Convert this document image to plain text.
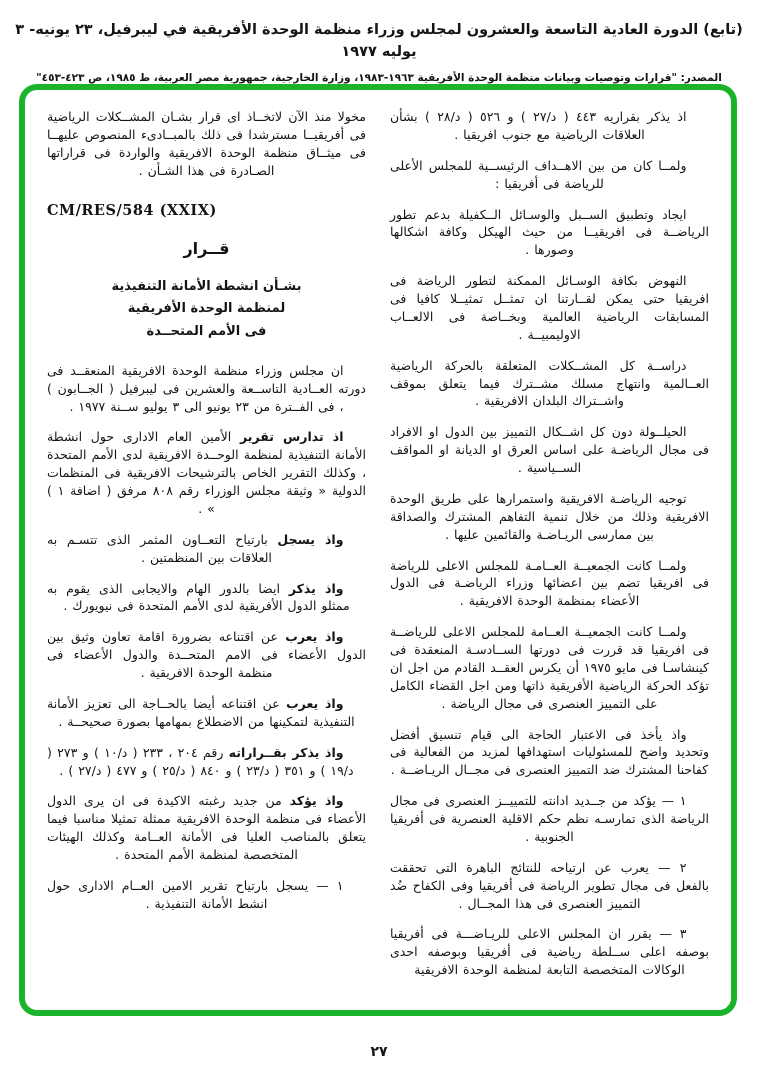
(تابع) الدورة العادية التاسعة والعشرون لمجلس وزراء منظمة الوحدة الأفريقية في ليبرفيل، ٢٣ يونيه- ٣ يوليه ١٩٧٧
المصدر: "قرارات وتوصيات وبيانات منظمة الوحدة الأفريقية ١٩٦٣-١٩٨٣، وزارة الخارجية، جمهورية مصر العربية، ط ١٩٨٥، ص ٤٢٣-٤٥٣"

اذ يذكر بقراريه ٤٤٣ ( د/٢٧ ) و ٥٢٦ ( د/٢٨ ) بشأن العلاقات الرياضية مع جنوب افريقيا .

ولمــا كان من بين الاهــداف الرئيســية للمجلس الأعلى للرياضة فى أفريقيا :

ايجاد وتطبيق الســبل والوسـائل الــكفيلة بدعم تطور الرياضــة فى افريقيــا من حيث الهيكل وكافة اشكالها وصورها .

النهوض بكافة الوسـائل الممكنة لتطور الرياضة فى افريقيا حتى يمكن لقــارتنا ان تمثــل تمثيــلا كافيا فى المسابقات الرياضية العالمية وبخــاصة فى الالعــاب الاوليمبيــة .

دراســة كل المشــكلات المتعلقة بالحركة الرياضية العــالمية وانتهاج مسلك مشــترك فيما يتعلق بموقف واشــتراك البلدان الافريقية .

الحيلــولة دون كل اشــكال التمييز بين الدول او الافراد فى مجال الرياضـة على اساس العرق او الديانة او المواقف الســياسية .

توجيه الرياضـة الافريقية واستمرارها على طريق الوحدة الافريقية وذلك من خلال تنمية التفاهم المشترك والصداقة بين ممارسى الريـاضـة والقائمين عليها .

ولمــا كانت الجمعيــة العــامـة للمجلس الاعلى للرياضة فى افريقيا تضم بين اعضائها وزراء الرياضـة فى الدول الأعضاء بمنظمة الوحدة الافريقية .

ولمــا كانت الجمعيــة العــامة للمجلس الاعلى للرياضــة فى افريقيا قد قررت فى دورتها الســادسـة المنعقدة فى كينشاسـا فى مايو ١٩٧٥ أن يكرس العقــد القادم من اجل ان تؤكد الحركة الرياضية الأفريقية ذاتها ومن اجل القضاء الكامل على التمييز العنصرى فى مجال الرياضة .

واذ يأخذ فى الاعتبار الحاجة الى قيام تنسيق أفضل وتحديد واضح للمسئوليات استهدافها لمزيد من الفعالية فى كفاحنا المشترك ضد التمييز العنصرى فى مجــال الريـاضــة .

١ — يؤكد من جــديد ادانته للتمييــز العنصرى فى مجال الرياضة الذى تمارسـه نظم حكم الاقلية العنصرية فى أفريقيا الجنوبية .

٢ — يعرب عن ارتياحه للنتائج الباهرة التى تحققت بالفعل فى مجال تطوير الرياضة فى أفريقيا وفى الكفاح ضُد التمييز العنصرى فى هذا المجــال .

٣ — يقرر ان المجلس الاعلى للريـاضـــة فى أفريقيا بوصفه اعلى ســلطة رياضية فى أفريقيا وبوصفه احدى الوكالات المتخصصة التابعة لمنظمة الوحدة الافريقية

مخولا منذ الآن لاتخــاذ اى قرار بشـان المشــكلات الرياضية فى أفريقيــا مسترشدا فى ذلك بالمبــادىء المنصوص عليهــا فى ميثــاق منظمة الوحدة الافريقية والواردة فى قراراتها الصـادرة فى هذا الشـأن .

CM/RES/584 (XXIX)
قــرار
بشـأن انشطة الأمانة التنفيذية
لمنظمة الوحدة الأفريقية
فى الأمم المتحــدة

ان مجلس وزراء منظمة الوحدة الافريقية المنعقــد فى دورته العــادية التاســعة والعشرين فى ليبرفيل ( الجــابون ) ، فى الفــترة من ٢٣ يونيو الى ٣ يوليو ســنة ١٩٧٧ .

اذ تدارس تقرير الأمين العام الادارى حول انشطة الأمانة التنفيذية لمنظمة الوحــدة الافريقية لدى الأمم المتحدة ، وكذلك التقرير الخاص بالترشيحات الافريقية فى المنظمات الدولية « وثيقة مجلس الوزراء رقم ٨٠٨ مرفق ( اضافة ١ ) » .

واذ يسجل بارتياح التعــاون المثمر الذى تتسـم به العلاقات بين المنظمتين .

واذ يذكر ايضا بالدور الهام والايجابى الذى يقوم به ممثلو الدول الأفريقية لدى الأمم المتحدة فى نيويورك .

واذ يعرب عن اقتناعه بضرورة اقامة تعاون وثيق بين الدول الأعضاء فى الامم المتحــدة والدول الأعضاء فى منظمة الوحدة الافريقية .

واذ يعرب عن اقتناعه أيضا بالحــاجة الى تعزيز الأمانة التنفيذية لتمكينها من الاضطلاع بمهامها بصورة صحيحــة .

واذ يذكر بقــراراته رقم ٢٠٤ ، ٢٣٣ ( د/١٠ ) و ٢٧٣ ( د/١٩ ) و ٣٥١ ( د/٢٣ ) و ٨٤٠ ( د/٢٥ ) و ٤٧٧ ( د/٢٧ ) .

واذ يؤكد من جديد رغبته الاكيدة فى ان يرى الدول الأعضاء فى منظمة الوحدة الافريقية ممثلة تمثيلا مناسبا فيما يتعلق بالمناصب العليا فى الأمانة العــامة وكذلك الهيئات المتخصصة لمنظمة الأمم المتحدة .

١ — يسجل بارتياح تقرير الامين العــام الادارى حول انشط الأمانة التنفيذية .

٢٧
